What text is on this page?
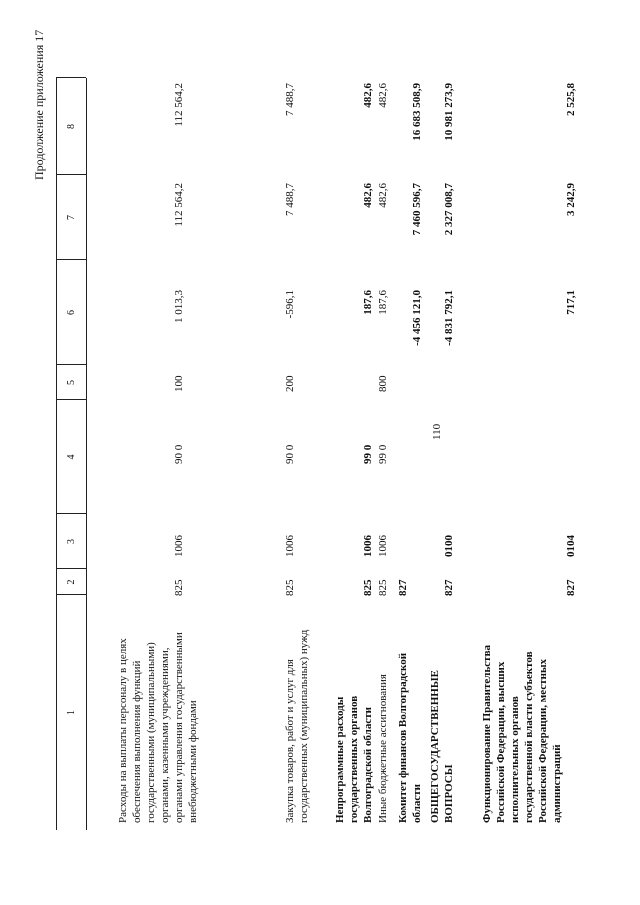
110
Продолжение приложения 17
1
2
3
4
5
6
7
8
Расходы на выплаты персоналу в целях обеспечения выполнения функций государственными (муниципальными) органами, казенными учреждениями, органами управления государственными внебюджетными фондами
825
1006
90 0
100
1 013,3
112 564,2
112 564,2
Закупка товаров, работ и услуг для государственных (муниципальных) нужд
825
1006
90 0
200
-596,1
7 488,7
7 488,7
Непрограммные расходы государственных органов Волгоградской области
825
1006
99 0
187,6
482,6
482,6
Иные бюджетные ассигнования
825
1006
99 0
800
187,6
482,6
482,6
Комитет финансов Волгоградской области
827
-4 456 121,0
7 460 596,7
16 683 508,9
ОБЩЕГОСУДАРСТВЕННЫЕ ВОПРОСЫ
827
0100
-4 831 792,1
2 327 008,7
10 981 273,9
Функционирование Правительства Российской Федерации, высших исполнительных органов государственной власти субъектов Российской Федерации, местных администраций
827
0104
717,1
3 242,9
2 525,8
